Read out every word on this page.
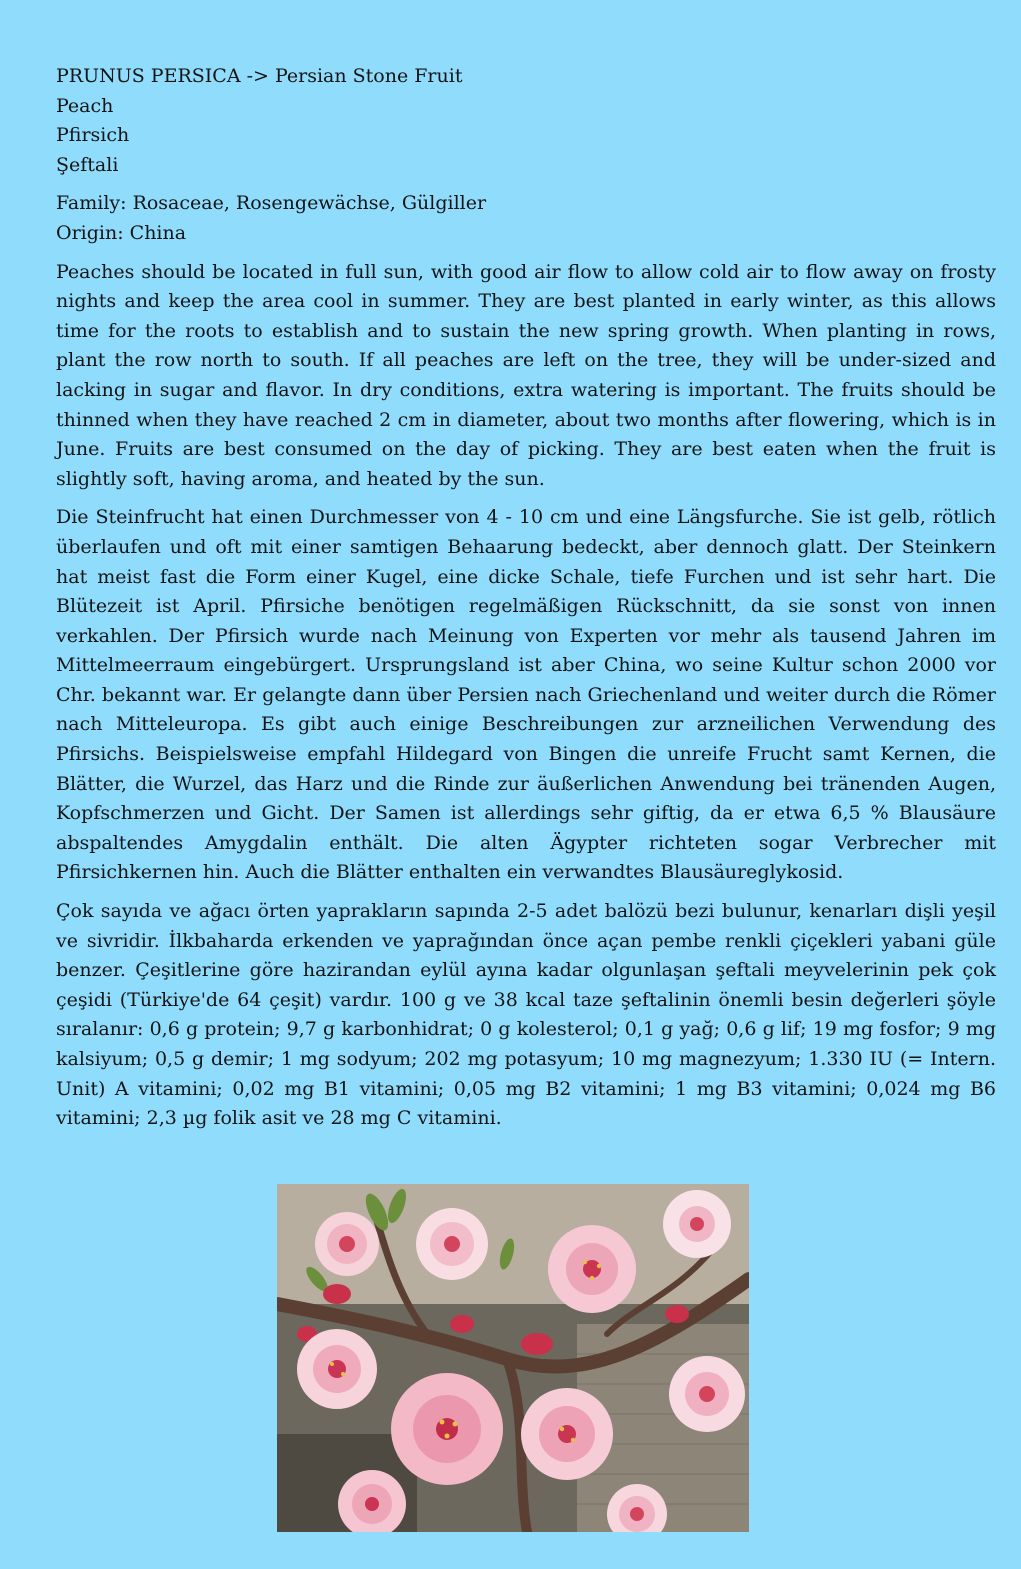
PRUNUS PERSICA -> Persian Stone Fruit
Peach
Pfirsich
Şeftali
Family: Rosaceae, Rosengewächse, Gülgiller
Origin: China

Peaches should be located in full sun, with good air flow to allow cold air to flow away on frosty nights and keep the area cool in summer. They are best planted in early winter, as this allows time for the roots to establish and to sustain the new spring growth. When planting in rows, plant the row north to south. If all peaches are left on the tree, they will be under-sized and lacking in sugar and flavor. In dry conditions, extra watering is important. The fruits should be thinned when they have reached 2 cm in diameter, about two months after flowering, which is in June. Fruits are best consumed on the day of picking. They are best eaten when the fruit is slightly soft, having aroma, and heated by the sun.

Die Steinfrucht hat einen Durchmesser von 4 - 10 cm und eine Längsfurche. Sie ist gelb, rötlich überlaufen und oft mit einer samtigen Behaarung bedeckt, aber dennoch glatt. Der Steinkern hat meist fast die Form einer Kugel, eine dicke Schale, tiefe Furchen und ist sehr hart. Die Blütezeit ist April. Pfirsiche benötigen regelmäßigen Rückschnitt, da sie sonst von innen verkahlen. Der Pfirsich wurde nach Meinung von Experten vor mehr als tausend Jahren im Mittelmeerraum eingebürgert. Ursprungsland ist aber China, wo seine Kultur schon 2000 vor Chr. bekannt war. Er gelangte dann über Persien nach Griechenland und weiter durch die Römer nach Mitteleuropa. Es gibt auch einige Beschreibungen zur arzneilichen Verwendung des Pfirsichs. Beispielsweise empfahl Hildegard von Bingen die unreife Frucht samt Kernen, die Blätter, die Wurzel, das Harz und die Rinde zur äußerlichen Anwendung bei tränenden Augen, Kopfschmerzen und Gicht. Der Samen ist allerdings sehr giftig, da er etwa 6,5 % Blausäure abspaltendes Amygdalin enthält. Die alten Ägypter richteten sogar Verbrecher mit Pfirsichkernen hin. Auch die Blätter enthalten ein verwandtes Blausäureglykosid.

Çok sayıda ve ağacı örten yaprakların sapında 2-5 adet balözü bezi bulunur, kenarları dişli yeşil ve sivridir. İlkbaharda erkenden ve yaprağından önce açan pembe renkli çiçekleri yabani güle benzer. Çeşitlerine göre hazirandan eylül ayına kadar olgunlaşan şeftali meyvelerinin pek çok çeşidi (Türkiye'de 64 çeşit) vardır. 100 g ve 38 kcal taze şeftalinin önemli besin değerleri şöyle sıralanır: 0,6 g protein; 9,7 g karbonhidrat; 0 g kolesterol; 0,1 g yağ; 0,6 g lif; 19 mg fosfor; 9 mg kalsiyum; 0,5 g demir; 1 mg sodyum; 202 mg potasyum; 10 mg magnezyum; 1.330 IU (= Intern. Unit) A vitamini; 0,02 mg B1 vitamini; 0,05 mg B2 vitamini; 1 mg B3 vitamini; 0,024 mg B6 vitamini; 2,3 µg folik asit ve 28 mg C vitamini.
